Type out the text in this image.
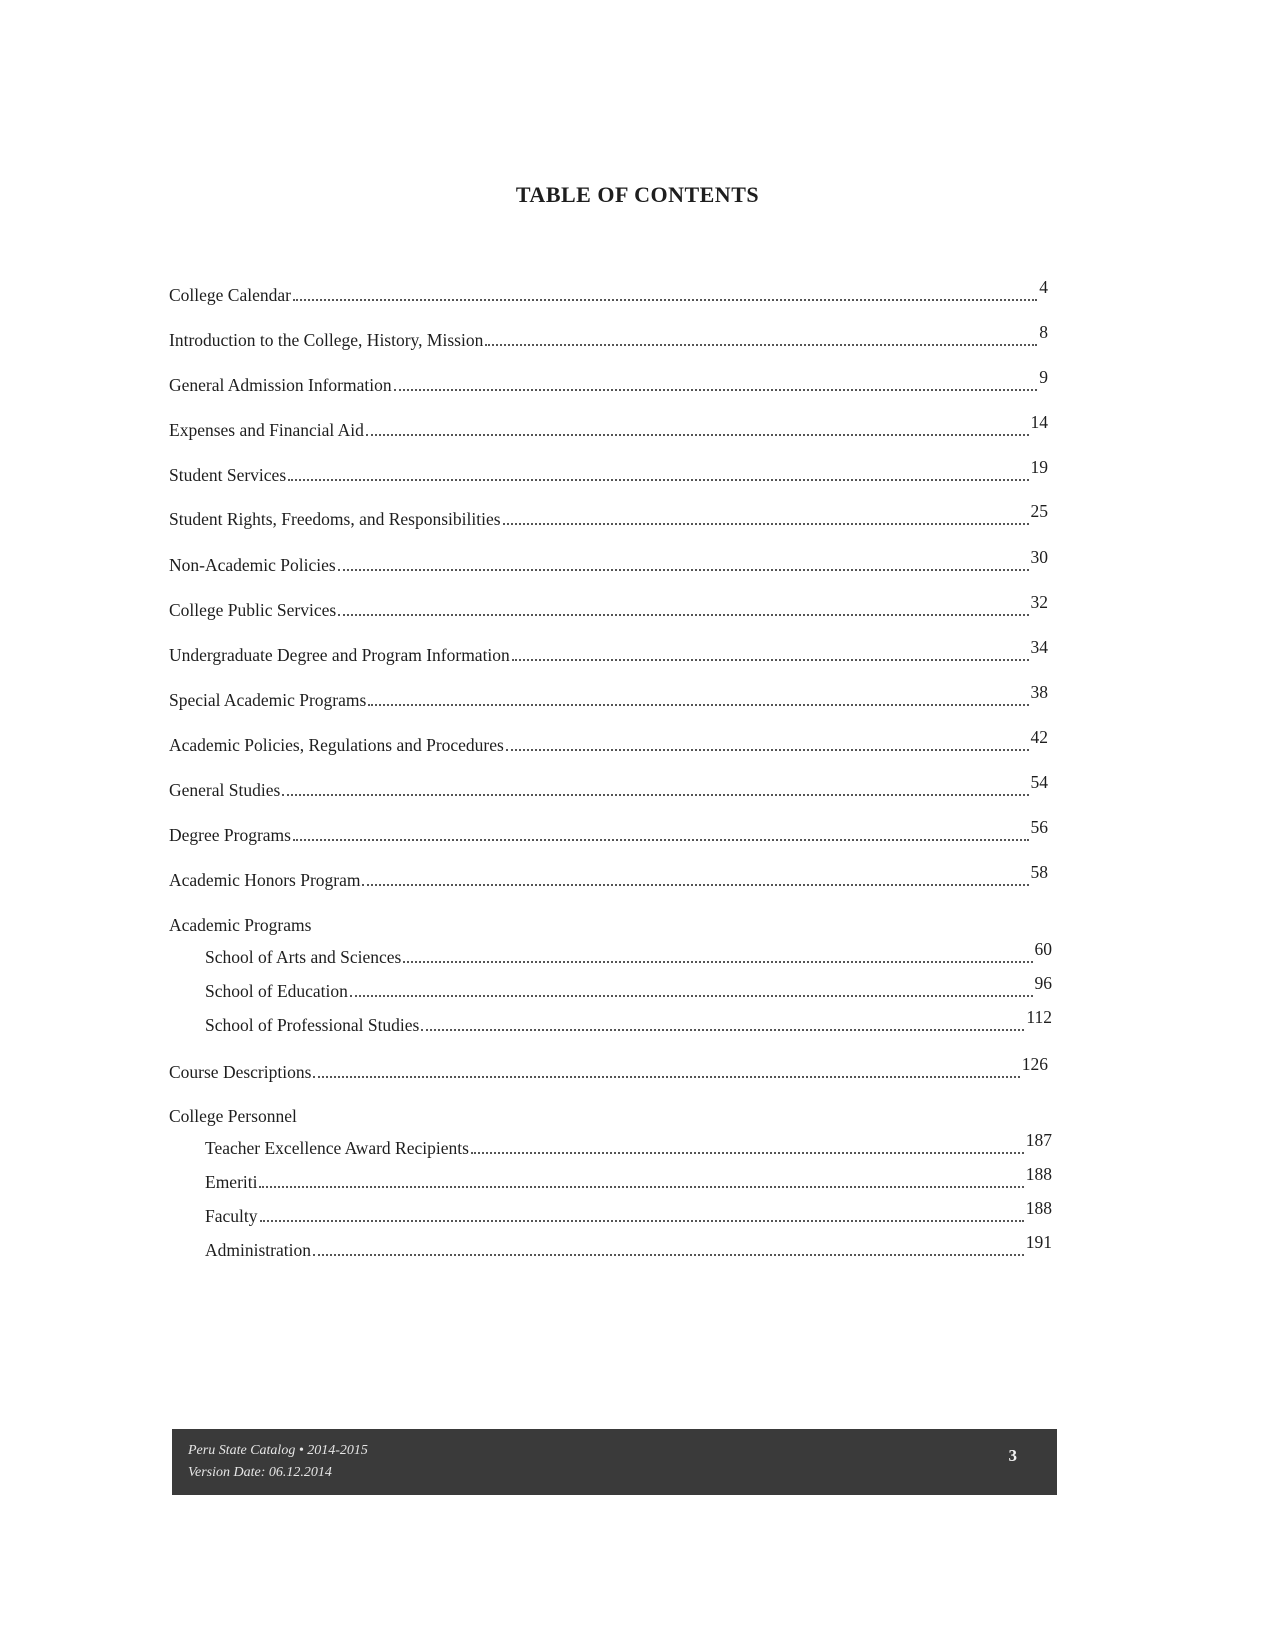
TABLE OF CONTENTS
College Calendar	4
Introduction to the College, History, Mission	8
General Admission Information	9
Expenses and Financial Aid	14
Student Services	19
Student Rights, Freedoms, and Responsibilities	25
Non-Academic Policies	30
College Public Services	32
Undergraduate Degree and Program Information	34
Special Academic Programs	38
Academic Policies, Regulations and Procedures	42
General Studies	54
Degree Programs	56
Academic Honors Program	58
Academic Programs
School of Arts and Sciences	60
School of Education	96
School of Professional Studies	112
Course Descriptions	126
College Personnel
Teacher Excellence Award Recipients	187
Emeriti	188
Faculty	188
Administration	191
Peru State Catalog • 2014-2015
Version Date: 06.12.2014
3
